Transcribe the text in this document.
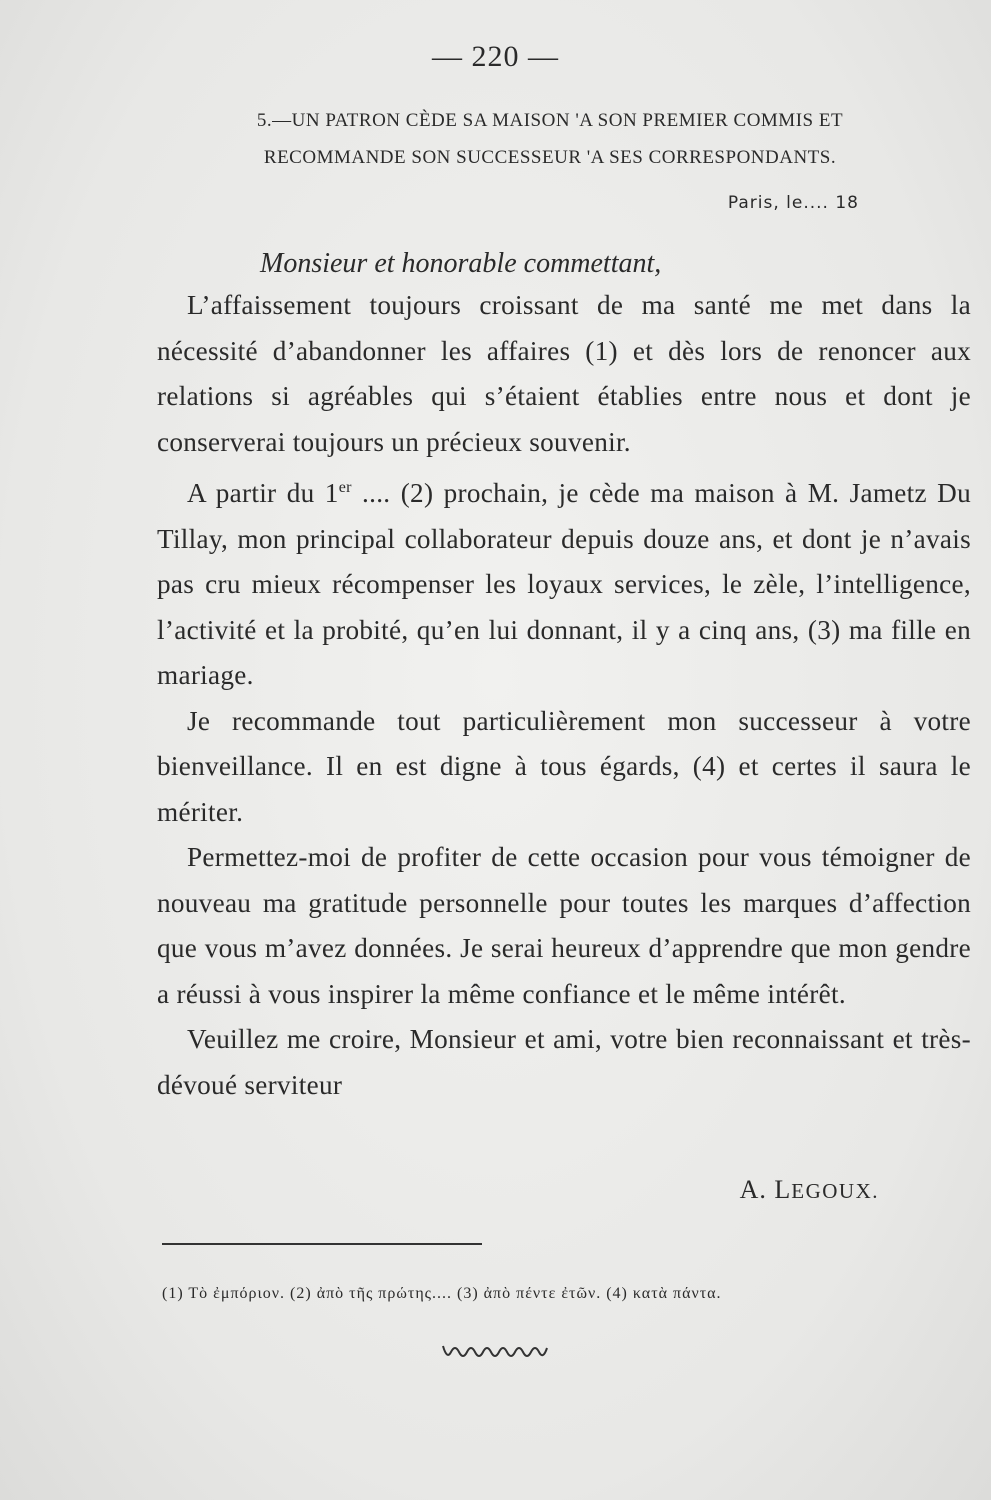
— 220 —
5.—UN PATRON CÈDE SA MAISON 'A SON PREMIER COMMIS ET
RECOMMANDE SON SUCCESSEUR 'A SES CORRESPONDANTS.
Paris, le.... 18
Monsieur et honorable commettant,

L’affaissement toujours croissant de ma santé me met dans la nécessité d’abandonner les affaires (1) et dès lors de renoncer aux relations si agréables qui s’étaient établies entre nous et dont je conserverai toujours un précieux souvenir.

A partir du 1er .... (2) prochain, je cède ma maison à M. Jametz Du Tillay, mon principal collaborateur depuis douze ans, et dont je n’avais pas cru mieux récompenser les loyaux services, le zèle, l’intelligence, l’activité et la probité, qu’en lui donnant, il y a cinq ans, (3) ma fille en mariage.

Je recommande tout particulièrement mon successeur à votre bienveillance. Il en est digne à tous égards, (4) et certes il saura le mériter.

Permettez-moi de profiter de cette occasion pour vous témoigner de nouveau ma gratitude personnelle pour toutes les marques d’affection que vous m’avez données. Je serai heureux d’apprendre que mon gendre a réussi à vous inspirer la même confiance et le même intérêt.

Veuillez me croire, Monsieur et ami, votre bien reconnaissant et très-dévoué serviteur

A. LEGOUX.
(1) Τὸ ἐμπόριον. (2) ἀπὸ τῆς πρώτης.... (3) ἀπὸ πέντε ἐτῶν. (4) κατὰ πάντα.
